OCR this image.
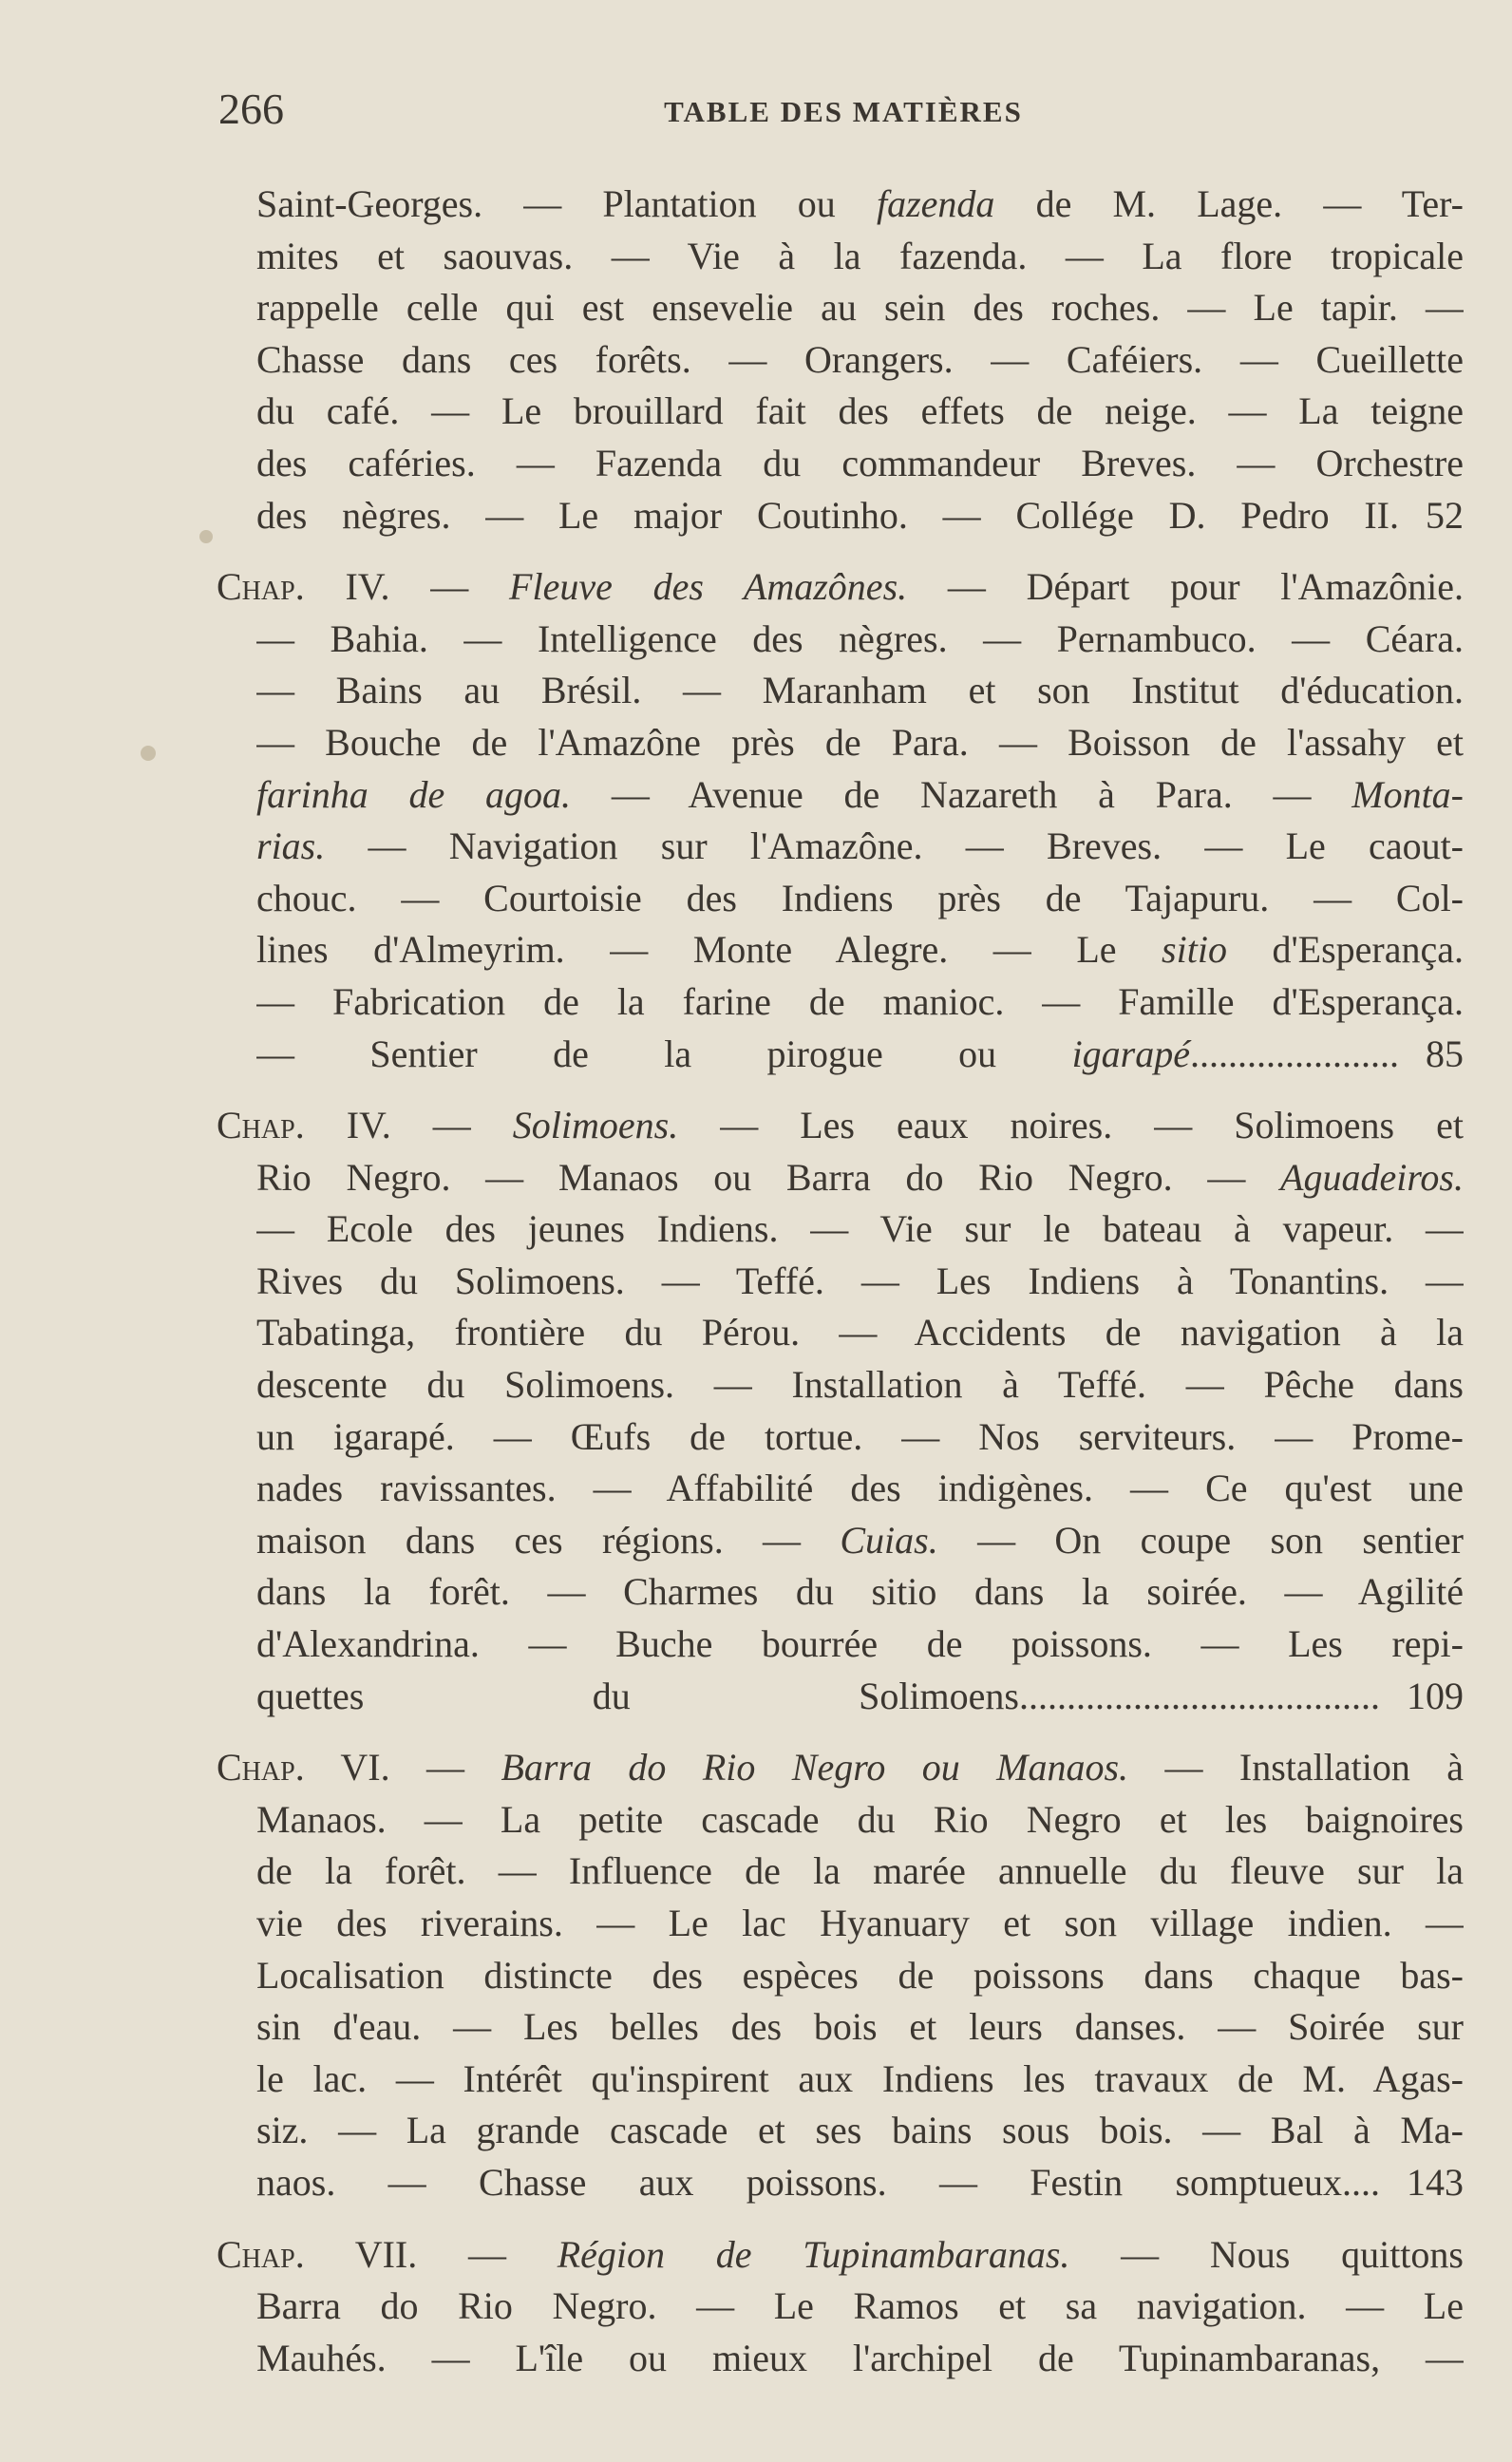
266	TABLE DES MATIÈRES
Saint-Georges. — Plantation ou fazenda de M. Lage. — Ter-
mites et saouvas. — Vie à la fazenda. — La flore tropicale
rappelle celle qui est ensevelie au sein des roches. — Le tapir. —
Chasse dans ces forêts. — Orangers. — Caféiers. — Cueillette
du café. — Le brouillard fait des effets de neige. — La teigne
des caféries. — Fazenda du commandeur Breves. — Orchestre
des nègres. — Le major Coutinho. — Collége D. Pedro II. 52
Chap. IV. — Fleuve des Amazônes. — Départ pour l'Amazônie.
— Bahia. — Intelligence des nègres. — Pernambuco. — Céara.
— Bains au Brésil. — Maranham et son Institut d'éducation.
— Bouche de l'Amazône près de Para. — Boisson de l'assahy et
farinha de agoa. — Avenue de Nazareth à Para. — Monta-
rias. — Navigation sur l'Amazône. — Breves. — Le caout-
chouc. — Courtoisie des Indiens près de Tajapuru. — Col-
lines d'Almeyrim. — Monte Alegre. — Le sitio d'Esperança.
— Fabrication de la farine de manioc. — Famille d'Esperança.
— Sentier de la pirogue ou igarapé...................... 85
Chap. IV. — Solimoens. — Les eaux noires. — Solimoens et
Rio Negro. — Manaos ou Barra do Rio Negro. — Aguadeiros.
— Ecole des jeunes Indiens. — Vie sur le bateau à vapeur. —
Rives du Solimoens. — Teffé. — Les Indiens à Tonantins. —
Tabatinga, frontière du Pérou. — Accidents de navigation à la
descente du Solimoens. — Installation à Teffé. — Pêche dans
un igarapé. — Œufs de tortue. — Nos serviteurs. — Prome-
nades ravissantes. — Affabilité des indigènes. — Ce qu'est une
maison dans ces régions. — Cuias. — On coupe son sentier
dans la forêt. — Charmes du sitio dans la soirée. — Agilité
d'Alexandrina. — Buche bourrée de poissons. — Les repi-
quettes du Solimoens...................................... 109
Chap. VI. — Barra do Rio Negro ou Manaos. — Installation à
Manaos. — La petite cascade du Rio Negro et les baignoires
de la forêt. — Influence de la marée annuelle du fleuve sur la
vie des riverains. — Le lac Hyanuary et son village indien. —
Localisation distincte des espèces de poissons dans chaque bas-
sin d'eau. — Les belles des bois et leurs danses. — Soirée sur
le lac. — Intérêt qu'inspirent aux Indiens les travaux de M. Agas-
siz. — La grande cascade et ses bains sous bois. — Bal à Ma-
naos. — Chasse aux poissons. — Festin somptueux.... 143
Chap. VII. — Région de Tupinambaranas. — Nous quittons
Barra do Rio Negro. — Le Ramos et sa navigation. — Le
Mauhés. — L'île ou mieux l'archipel de Tupinambaranas, —
